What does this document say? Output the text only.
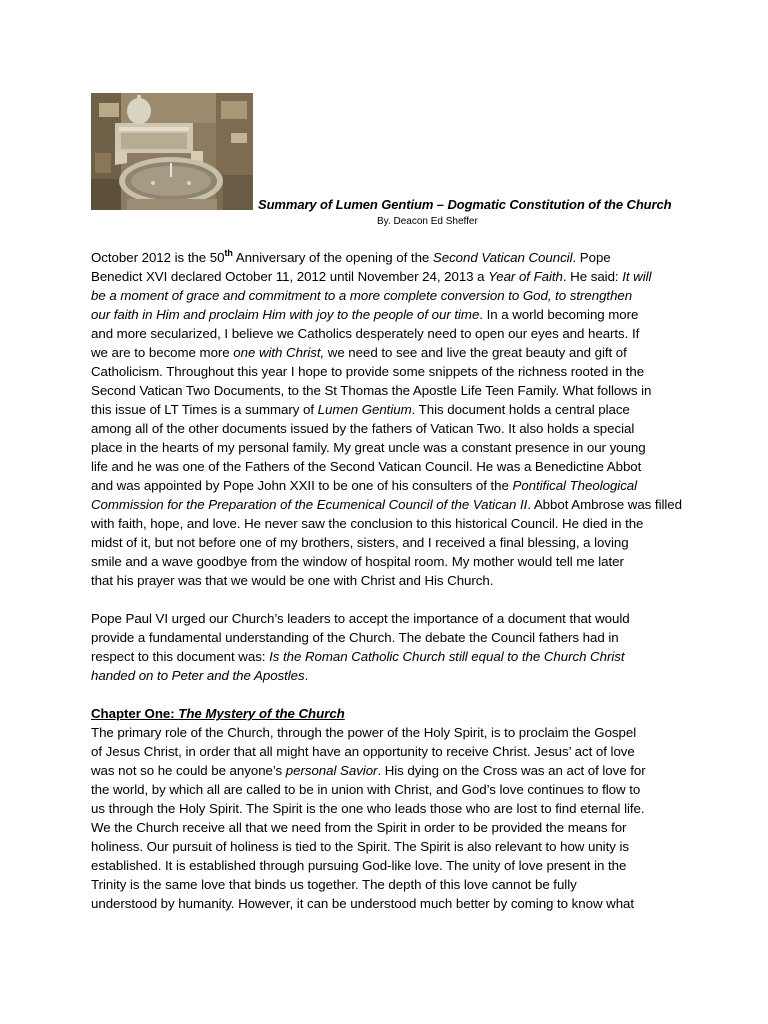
Summary of Lumen Gentium – Dogmatic Constitution of the Church
By. Deacon Ed Sheffer

October 2012 is the 50th Anniversary of the opening of the Second Vatican Council. Pope
Benedict XVI declared October 11, 2012 until November 24, 2013 a Year of Faith. He said: It will
be a moment of grace and commitment to a more complete conversion to God, to strengthen
our faith in Him and proclaim Him with joy to the people of our time. In a world becoming more
and more secularized, I believe we Catholics desperately need to open our eyes and hearts. If
we are to become more one with Christ, we need to see and live the great beauty and gift of
Catholicism. Throughout this year I hope to provide some snippets of the richness rooted in the
Second Vatican Two Documents, to the St Thomas the Apostle Life Teen Family. What follows in
this issue of LT Times is a summary of Lumen Gentium. This document holds a central place
among all of the other documents issued by the fathers of Vatican Two. It also holds a special
place in the hearts of my personal family. My great uncle was a constant presence in our young
life and he was one of the Fathers of the Second Vatican Council. He was a Benedictine Abbot
and was appointed by Pope John XXII to be one of his consulters of the Pontifical Theological
Commission for the Preparation of the Ecumenical Council of the Vatican II. Abbot Ambrose was filled
with faith, hope, and love. He never saw the conclusion to this historical Council. He died in the
midst of it, but not before one of my brothers, sisters, and I received a final blessing, a loving
smile and a wave goodbye from the window of hospital room. My mother would tell me later
that his prayer was that we would be one with Christ and His Church.

Pope Paul VI urged our Church’s leaders to accept the importance of a document that would
provide a fundamental understanding of the Church. The debate the Council fathers had in
respect to this document was: Is the Roman Catholic Church still equal to the Church Christ
handed on to Peter and the Apostles.

Chapter One: The Mystery of the Church
The primary role of the Church, through the power of the Holy Spirit, is to proclaim the Gospel
of Jesus Christ, in order that all might have an opportunity to receive Christ. Jesus’ act of love
was not so he could be anyone’s personal Savior. His dying on the Cross was an act of love for
the world, by which all are called to be in union with Christ, and God’s love continues to flow to
us through the Holy Spirit. The Spirit is the one who leads those who are lost to find eternal life.
We the Church receive all that we need from the Spirit in order to be provided the means for
holiness. Our pursuit of holiness is tied to the Spirit. The Spirit is also relevant to how unity is
established. It is established through pursuing God-like love. The unity of love present in the
Trinity is the same love that binds us together. The depth of this love cannot be fully
understood by humanity. However, it can be understood much better by coming to know what
